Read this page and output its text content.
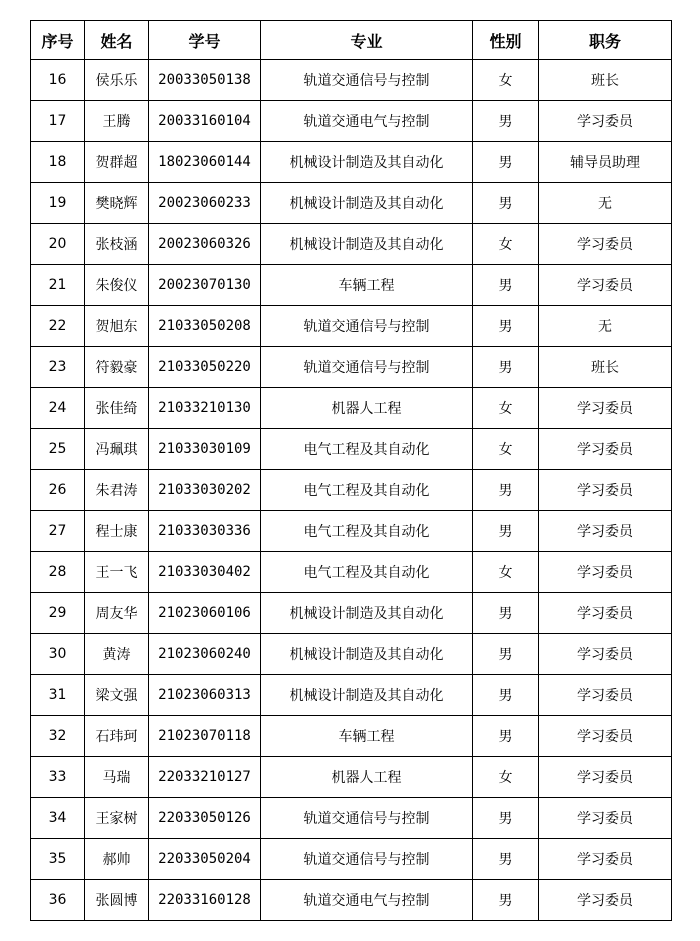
序号	姓名	学号	专业	性别	职务
16	侯乐乐	20033050138	轨道交通信号与控制	女	班长
17	王腾	20033160104	轨道交通电气与控制	男	学习委员
18	贺群超	18023060144	机械设计制造及其自动化	男	辅导员助理
19	樊晓辉	20023060233	机械设计制造及其自动化	男	无
20	张枝涵	20023060326	机械设计制造及其自动化	女	学习委员
21	朱俊仪	20023070130	车辆工程	男	学习委员
22	贺旭东	21033050208	轨道交通信号与控制	男	无
23	符毅豪	21033050220	轨道交通信号与控制	男	班长
24	张佳绮	21033210130	机器人工程	女	学习委员
25	冯珮琪	21033030109	电气工程及其自动化	女	学习委员
26	朱君涛	21033030202	电气工程及其自动化	男	学习委员
27	程士康	21033030336	电气工程及其自动化	男	学习委员
28	王一飞	21033030402	电气工程及其自动化	女	学习委员
29	周友华	21023060106	机械设计制造及其自动化	男	学习委员
30	黄涛	21023060240	机械设计制造及其自动化	男	学习委员
31	梁文强	21023060313	机械设计制造及其自动化	男	学习委员
32	石玮珂	21023070118	车辆工程	男	学习委员
33	马瑞	22033210127	机器人工程	女	学习委员
34	王家树	22033050126	轨道交通信号与控制	男	学习委员
35	郝帅	22033050204	轨道交通信号与控制	男	学习委员
36	张圆博	22033160128	轨道交通电气与控制	男	学习委员
